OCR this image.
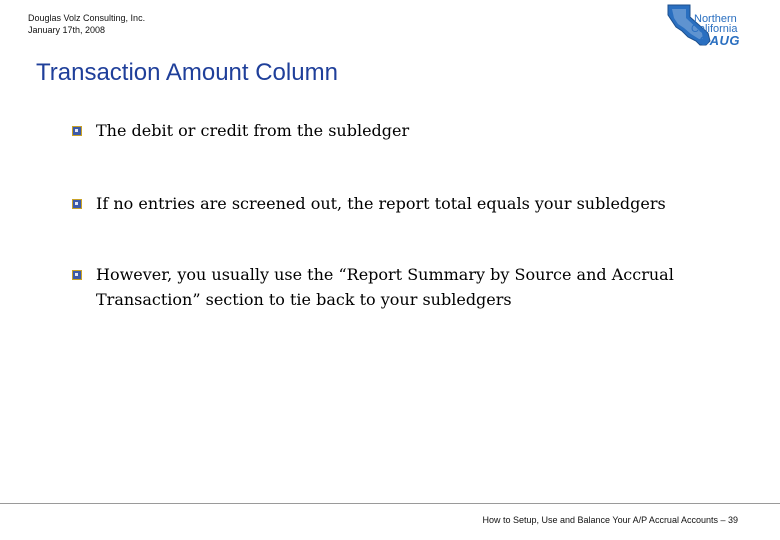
Douglas Volz Consulting, Inc.
January 17th, 2008
Northern
California
OAUG
Transaction Amount Column
The debit or credit from the subledger
If no entries are screened out, the report total equals your subledgers
However, you usually use the “Report Summary by Source and Accrual Transaction” section to tie back to your subledgers
How to Setup, Use and Balance Your A/P Accrual Accounts – 39
